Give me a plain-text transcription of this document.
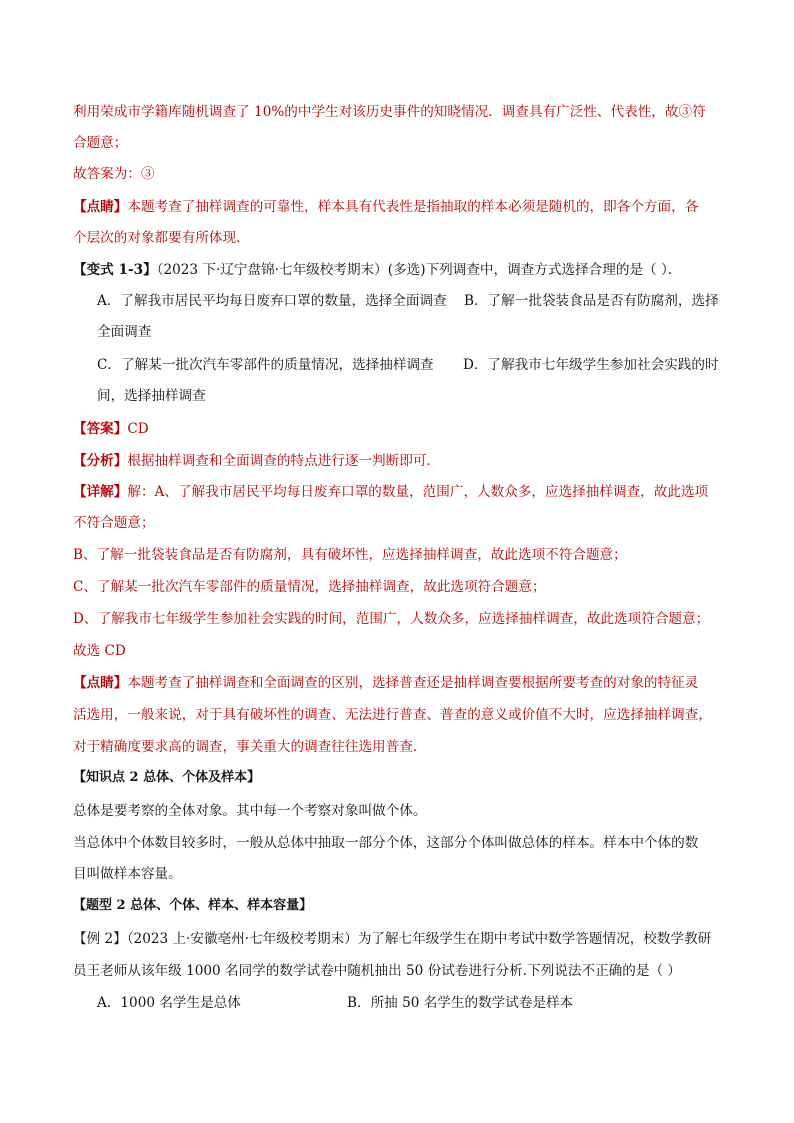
利用荣成市学籍库随机调查了 10%的中学生对该历史事件的知晓情况．调查具有广泛性、代表性，故③符
合题意；
故答案为：③
【点睛】本题考查了抽样调查的可靠性，样本具有代表性是指抽取的样本必须是随机的，即各个方面，各
个层次的对象都要有所体现．
【变式 1-3】（2023 下·辽宁盘锦·七年级校考期末）(多选)下列调查中，调查方式选择合理的是（ ）．
A．了解我市居民平均每日废弃口罩的数量，选择全面调查 B．了解一批袋装食品是否有防腐剂，选择
全面调查
C．了解某一批次汽车零部件的质量情况，选择抽样调查 D．了解我市七年级学生参加社会实践的时
间，选择抽样调查
【答案】CD
【分析】根据抽样调查和全面调查的特点进行逐一判断即可．
【详解】解：A、了解我市居民平均每日废弃口罩的数量，范围广，人数众多，应选择抽样调查，故此选项
不符合题意；
B、了解一批袋装食品是否有防腐剂，具有破坏性，应选择抽样调查，故此选项不符合题意；
C、了解某一批次汽车零部件的质量情况，选择抽样调查，故此选项符合题意；
D、了解我市七年级学生参加社会实践的时间，范围广，人数众多，应选择抽样调查，故此选项符合题意；
故选 CD
【点睛】本题考查了抽样调查和全面调查的区别，选择普查还是抽样调查要根据所要考查的对象的特征灵
活选用，一般来说，对于具有破坏性的调查、无法进行普查、普查的意义或价值不大时，应选择抽样调查，
对于精确度要求高的调查，事关重大的调查往往选用普查．
【知识点 2 总体、个体及样本】
总体是要考察的全体对象。其中每一个考察对象叫做个体。
当总体中个体数目较多时，一般从总体中抽取一部分个体，这部分个体叫做总体的样本。样本中个体的数
目叫做样本容量。
【题型 2 总体、个体、样本、样本容量】
【例 2】（2023 上·安徽亳州·七年级校考期末）为了解七年级学生在期中考试中数学答题情况，校数学教研
员王老师从该年级 1000 名同学的数学试卷中随机抽出 50 份试卷进行分析.下列说法不正确的是（ ）
A．1000 名学生是总体	B．所抽 50 名学生的数学试卷是样本
